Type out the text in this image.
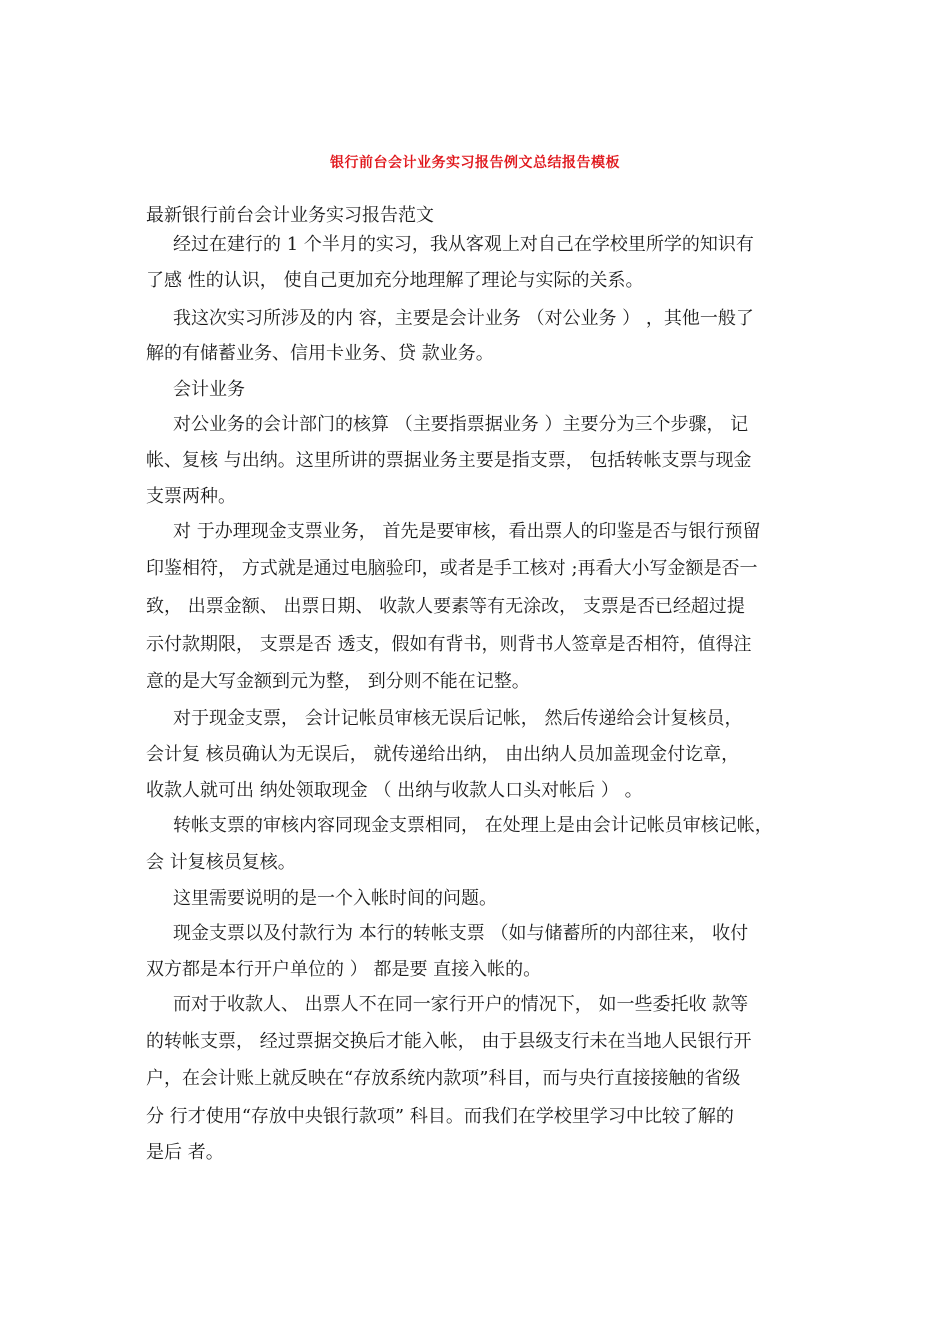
银行前台会计业务实习报告例文总结报告模板
最新银行前台会计业务实习报告范文
经过在建行的 1 个半月的实习，我从客观上对自己在学校里所学的知识有
了感 性的认识， 使自己更加充分地理解了理论与实际的关系。
我这次实习所涉及的内 容，主要是会计业务 （对公业务 ） ，其他一般了
解的有储蓄业务、信用卡业务、贷 款业务。
会计业务
对公业务的会计部门的核算 （主要指票据业务 ）主要分为三个步骤， 记
帐、复核 与出纳。这里所讲的票据业务主要是指支票， 包括转帐支票与现金
支票两种。
对 于办理现金支票业务， 首先是要审核，看出票人的印鉴是否与银行预留
印鉴相符， 方式就是通过电脑验印，或者是手工核对 ;再看大小写金额是否一
致， 出票金额、 出票日期、 收款人要素等有无涂改， 支票是否已经超过提
示付款期限， 支票是否 透支，假如有背书，则背书人签章是否相符，值得注
意的是大写金额到元为整， 到分则不能在记整。
对于现金支票， 会计记帐员审核无误后记帐， 然后传递给会计复核员，
会计复 核员确认为无误后， 就传递给出纳， 由出纳人员加盖现金付讫章，
收款人就可出 纳处领取现金 （ 出纳与收款人口头对帐后 ） 。
转帐支票的审核内容同现金支票相同， 在处理上是由会计记帐员审核记帐，
会 计复核员复核。
这里需要说明的是一个入帐时间的问题。
现金支票以及付款行为 本行的转帐支票 （如与储蓄所的内部往来， 收付
双方都是本行开户单位的 ） 都是要 直接入帐的。
而对于收款人、 出票人不在同一家行开户的情况下， 如一些委托收 款等
的转帐支票， 经过票据交换后才能入帐， 由于县级支行未在当地人民银行开
户，在会计账上就反映在“存放系统内款项”科目，而与央行直接接触的省级
分 行才使用“存放中央银行款项” 科目。而我们在学校里学习中比较了解的
是后 者。
